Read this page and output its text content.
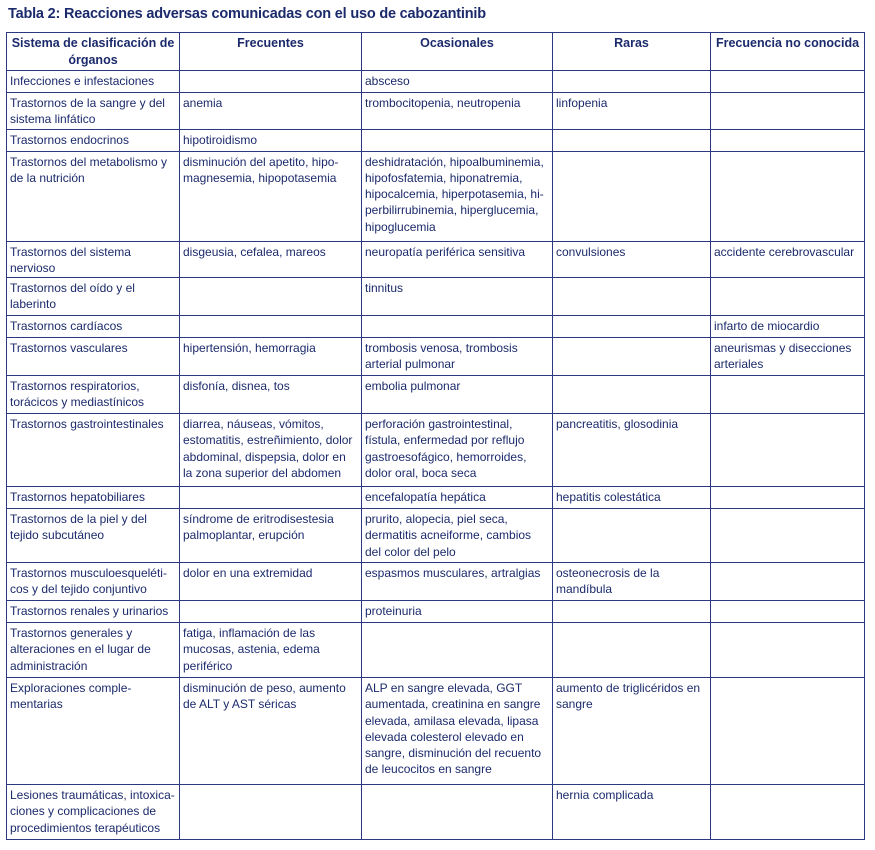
Tabla 2: Reacciones adversas comunicadas con el uso de cabozantinib
Sistema de clasificación de órganos	Frecuentes	Ocasionales	Raras	Frecuencia no conocida
Infecciones e infestaciones		absceso		
Trastornos de la sangre y del sistema linfático	anemia	trombocitopenia, neutropenia	linfopenia	
Trastornos endocrinos	hipotiroidismo			
Trastornos del metabolismo y de la nutrición	disminución del apetito, hipo-magnesemia, hipopotasemia	deshidratación, hipoalbuminemia, hipofosfatemia, hiponatremia, hipocalcemia, hiperpotasemia, hi-perbilirrubinemia, hiperglucemia, hipoglucemia		
Trastornos del sistema nervioso	disgeusia, cefalea, mareos	neuropatía periférica sensitiva	convulsiones	accidente cerebrovascular
Trastornos del oído y el laberinto		tinnitus		
Trastornos cardíacos				infarto de miocardio
Trastornos vasculares	hipertensión, hemorragia	trombosis venosa, trombosis arterial pulmonar		aneurismas y disecciones arteriales
Trastornos respiratorios, torácicos y mediastínicos	disfonía, disnea, tos	embolia pulmonar		
Trastornos gastrointestinales	diarrea, náuseas, vómitos, estomatitis, estreñimiento, dolor abdominal, dispepsia, dolor en la zona superior del abdomen	perforación gastrointestinal, fístula, enfermedad por reflujo gastroesofágico, hemorroides, dolor oral, boca seca	pancreatitis, glosodinia	
Trastornos hepatobiliares		encefalopatía hepática	hepatitis colestática	
Trastornos de la piel y del tejido subcutáneo	síndrome de eritrodisestesia palmoplantar, erupción	prurito, alopecia, piel seca, dermatitis acneiforme, cambios del color del pelo		
Trastornos musculoesqueléti-cos y del tejido conjuntivo	dolor en una extremidad	espasmos musculares, artralgias	osteonecrosis de la mandíbula	
Trastornos renales y urinarios		proteinuria		
Trastornos generales y alteraciones en el lugar de administración	fatiga, inflamación de las mucosas, astenia, edema periférico			
Exploraciones comple-mentarias	disminución de peso, aumento de ALT y AST séricas	ALP en sangre elevada, GGT aumentada, creatinina en sangre elevada, amilasa elevada, lipasa elevada colesterol elevado en sangre, disminución del recuento de leucocitos en sangre	aumento de triglicéridos en sangre	
Lesiones traumáticas, intoxica-ciones y complicaciones de procedimientos terapéuticos			hernia complicada	
